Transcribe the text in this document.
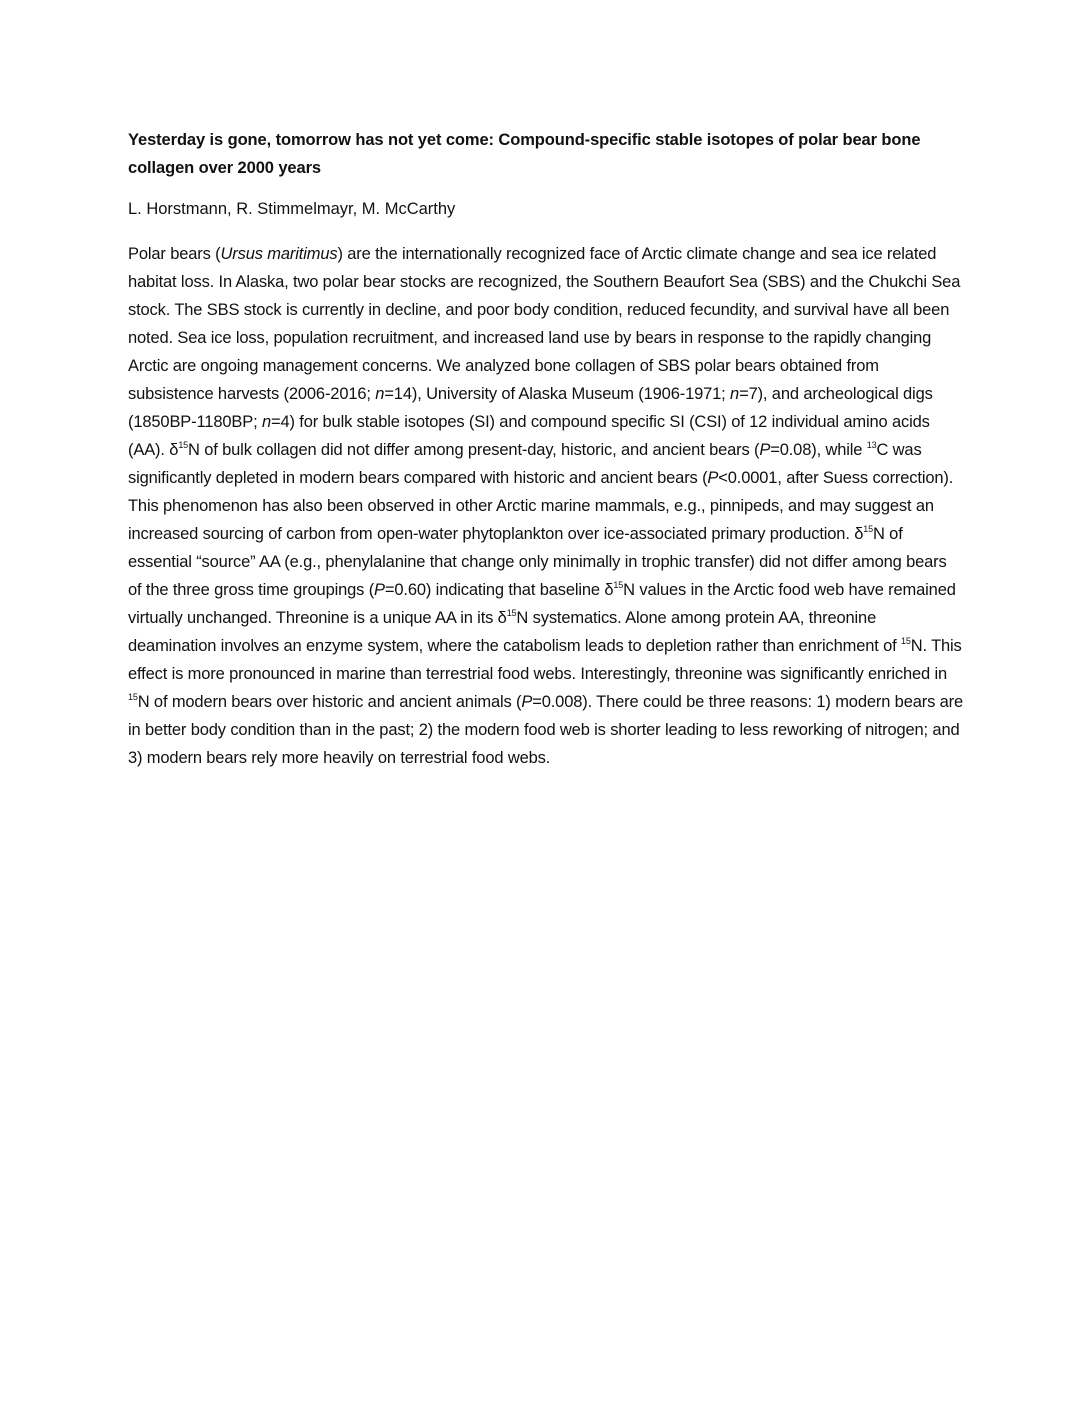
Yesterday is gone, tomorrow has not yet come: Compound-specific stable isotopes of polar bear bone collagen over 2000 years

L. Horstmann, R. Stimmelmayr, M. McCarthy

Polar bears (Ursus maritimus) are the internationally recognized face of Arctic climate change and sea ice related habitat loss. In Alaska, two polar bear stocks are recognized, the Southern Beaufort Sea (SBS) and the Chukchi Sea stock. The SBS stock is currently in decline, and poor body condition, reduced fecundity, and survival have all been noted. Sea ice loss, population recruitment, and increased land use by bears in response to the rapidly changing Arctic are ongoing management concerns. We analyzed bone collagen of SBS polar bears obtained from subsistence harvests (2006-2016; n=14), University of Alaska Museum (1906-1971; n=7), and archeological digs (1850BP-1180BP; n=4) for bulk stable isotopes (SI) and compound specific SI (CSI) of 12 individual amino acids (AA). $\delta^{15}N$ of bulk collagen did not differ among present-day, historic, and ancient bears (P=0.08), while $^{13}$C was significantly depleted in modern bears compared with historic and ancient bears (P<0.0001, after Suess correction). This phenomenon has also been observed in other Arctic marine mammals, e.g., pinnipeds, and may suggest an increased sourcing of carbon from open-water phytoplankton over ice-associated primary production. $\delta^{15}N$ of essential “source” AA (e.g., phenylalanine that change only minimally in trophic transfer) did not differ among bears of the three gross time groupings (P=0.60) indicating that baseline $\delta^{15}N$ values in the Arctic food web have remained virtually unchanged. Threonine is a unique AA in its $\delta^{15}N$ systematics. Alone among protein AA, threonine deamination involves an enzyme system, where the catabolism leads to depletion rather than enrichment of $^{15}$N. This effect is more pronounced in marine than terrestrial food webs. Interestingly, threonine was significantly enriched in $^{15}$N of modern bears over historic and ancient animals (P=0.008). There could be three reasons: 1) modern bears are in better body condition than in the past; 2) the modern food web is shorter leading to less reworking of nitrogen; and 3) modern bears rely more heavily on terrestrial food webs.
